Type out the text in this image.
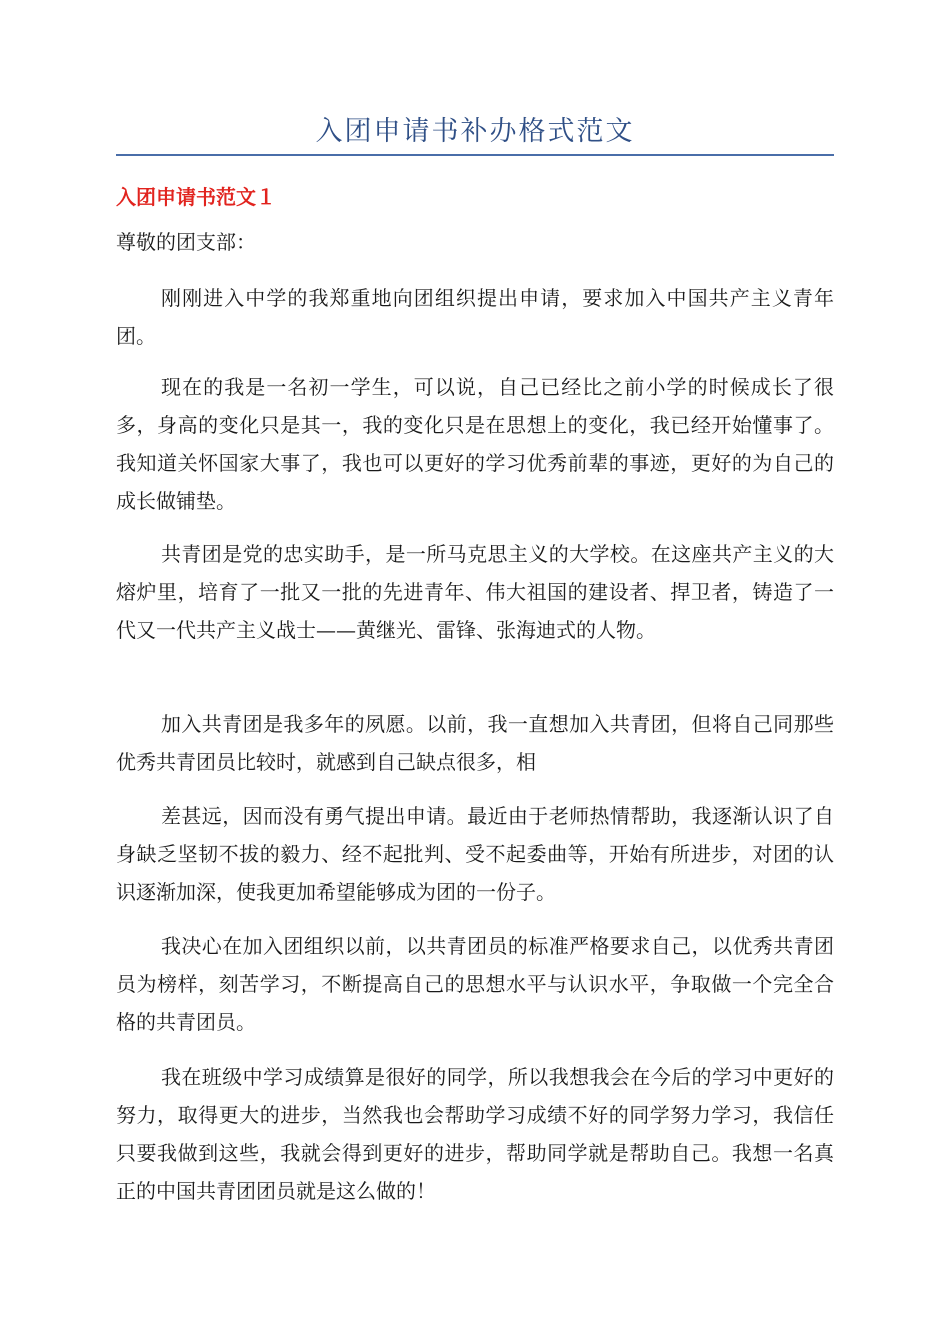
入团申请书补办格式范文
入团申请书范文１
尊敬的团支部：

刚刚进入中学的我郑重地向团组织提出申请，要求加入中国共产主义青年团。

现在的我是一名初一学生，可以说，自己已经比之前小学的时候成长了很多，身高的变化只是其一，我的变化只是在思想上的变化，我已经开始懂事了。我知道关怀国家大事了，我也可以更好的学习优秀前辈的事迹，更好的为自己的成长做铺垫。

共青团是党的忠实助手，是一所马克思主义的大学校。在这座共产主义的大熔炉里，培育了一批又一批的先进青年、伟大祖国的建设者、捍卫者，铸造了一代又一代共产主义战士——黄继光、雷锋、张海迪式的人物。

加入共青团是我多年的夙愿。以前，我一直想加入共青团，但将自己同那些优秀共青团员比较时，就感到自己缺点很多，相

差甚远，因而没有勇气提出申请。最近由于老师热情帮助，我逐渐认识了自身缺乏坚韧不拔的毅力、经不起批判、受不起委曲等，开始有所进步，对团的认识逐渐加深，使我更加希望能够成为团的一份子。

我决心在加入团组织以前，以共青团员的标准严格要求自己，以优秀共青团员为榜样，刻苦学习，不断提高自己的思想水平与认识水平，争取做一个完全合格的共青团员。

我在班级中学习成绩算是很好的同学，所以我想我会在今后的学习中更好的努力，取得更大的进步，当然我也会帮助学习成绩不好的同学努力学习，我信任只要我做到这些，我就会得到更好的进步，帮助同学就是帮助自己。我想一名真正的中国共青团团员就是这么做的！
